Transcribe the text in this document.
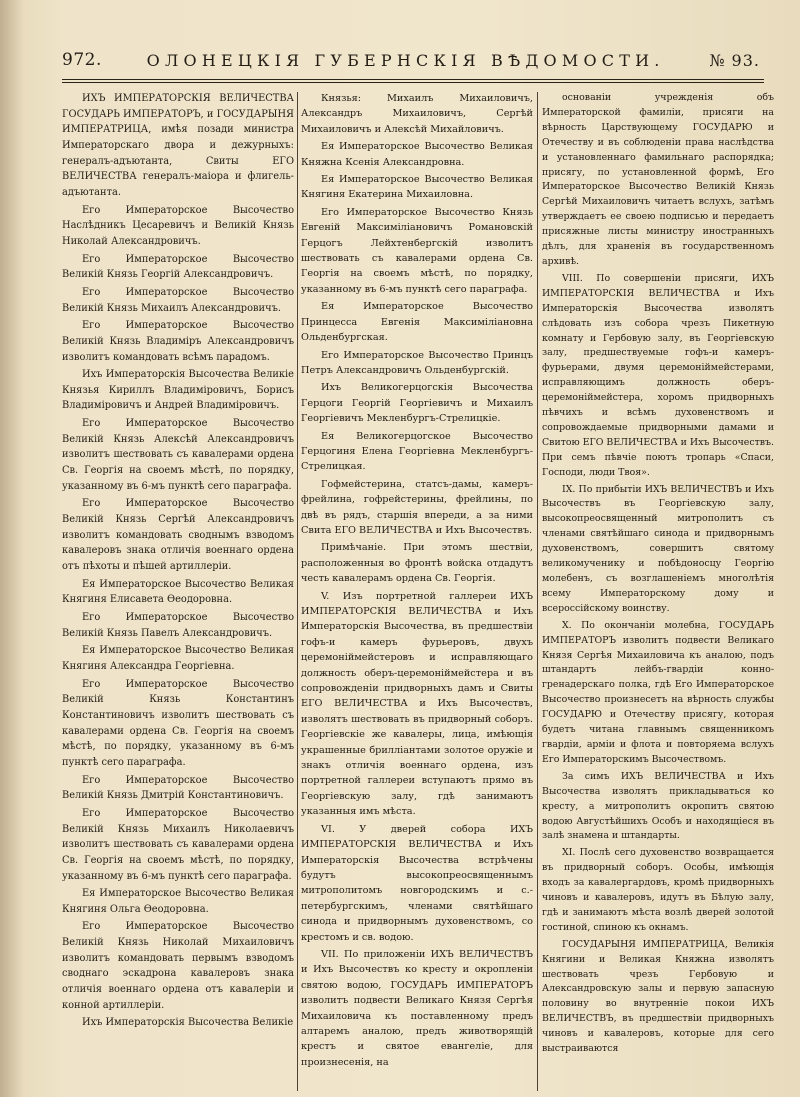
972.	ОЛОНЕЦКІЯ ГУБЕРНСКІЯ ВѢДОМОСТИ.	№ 93.

ИХЪ ИМПЕРАТОРСКІЯ ВЕЛИЧЕСТВА ГОСУДАРЬ ИМПЕРАТОРЪ, и ГОСУДАРЫНЯ ИМПЕРАТРИЦА, имѣя позади министра Императорскаго двора и дежурныхъ: генералъ-адъютанта, Свиты ЕГО ВЕЛИЧЕСТВА генералъ-маіора и флигель-адъютанта.

Его Императорское Высочество Наслѣдникъ Цесаревичъ и Великій Князь Николай Александровичъ.

Его Императорское Высочество Великій Князь Георгій Александровичъ.

Его Императорское Высочество Великій Князь Михаилъ Александровичъ.

Его Императорское Высочество Великій Князь Владиміръ Александровичъ изволитъ командовать всѣмъ парадомъ.

Ихъ Императорскія Высочества Великіе Князья Кириллъ Владиміровичъ, Борисъ Владиміровичъ и Андрей Владиміровичъ.

Его Императорское Высочество Великій Князь Алексѣй Александровичъ изволитъ шествовать съ кавалерами ордена Св. Георгія на своемъ мѣстѣ, по порядку, указанному въ 6-мъ пунктѣ сего параграфа.

Его Императорское Высочество Великій Князь Сергѣй Александровичъ изволитъ командовать своднымъ взводомъ кавалеровъ знака отличія военнаго ордена отъ пѣхоты и пѣшей артиллеріи.

Ея Императорское Высочество Великая Княгиня Елисавета Ѳеодоровна.

Его Императорское Высочество Великій Князь Павелъ Александровичъ.

Ея Императорское Высочество Великая Княгиня Александра Георгіевна.

Его Императорское Высочество Великій Князь Константинъ Константиновичъ изволитъ шествовать съ кавалерами ордена Св. Георгія на своемъ мѣстѣ, по порядку, указанному въ 6-мъ пунктѣ сего параграфа.

Его Императорское Высочество Великій Князь Дмитрій Константиновичъ.

Его Императорское Высочество Великій Князь Михаилъ Николаевичъ изволитъ шествовать съ кавалерами ордена Св. Георгія на своемъ мѣстѣ, по порядку, указанному въ 6-мъ пунктѣ сего параграфа.

Ея Императорское Высочество Великая Княгиня Ольга Ѳеодоровна.

Его Императорское Высочество Великій Князь Николай Михаиловичъ изволитъ командовать первымъ взводомъ своднаго эскадрона кавалеровъ знака отличія военнаго ордена отъ кавалеріи и конной артиллеріи.

Ихъ Императорскія Высочества Великіе

Князья: Михаилъ Михаиловичъ, Александръ Михаиловичъ, Сергѣй Михаиловичъ и Алексѣй Михайловичъ.

Ея Императорское Высочество Великая Княжна Ксенія Александровна.

Ея Императорское Высочество Великая Княгиня Екатерина Михаиловна.

Его Императорское Высочество Князь Евгеній Максиміліановичъ Романовскій Герцогъ Лейхтенбергскій изволитъ шествовать съ кавалерами ордена Св. Георгія на своемъ мѣстѣ, по порядку, указанному въ 6-мъ пунктѣ сего параграфа.

Ея Императорское Высочество Принцесса Евгенія Максиміліановна Ольденбургская.

Его Императорское Высочество Принцъ Петръ Александровичъ Ольденбургскій.

Ихъ Великогерцогскія Высочества Герцоги Георгій Георгіевичъ и Михаилъ Георгіевичъ Мекленбургъ-Стрелицкіе.

Ея Великогерцогское Высочество Герцогиня Елена Георгіевна Мекленбургъ-Стрелицкая.

Гофмейстерина, статсъ-дамы, камеръ-фрейлина, гофрейстерины, фрейлины, по двѣ въ рядъ, старшія впереди, а за ними Свита ЕГО ВЕЛИЧЕСТВА и Ихъ Высочествъ.

Примѣчаніе. При этомъ шествіи, расположенныя во фронтѣ войска отдадутъ честь кавалерамъ ордена Св. Георгія.

V. Изъ портретной галлереи ИХЪ ИМПЕРАТОРСКІЯ ВЕЛИЧЕСТВА и Ихъ Императорскія Высочества, въ предшествіи гофъ-и камеръ фурьеровъ, двухъ церемоніймейстеровъ и исправляющаго должность оберъ-церемоніймейстера и въ сопровожденіи придворныхъ дамъ и Свиты ЕГО ВЕЛИЧЕСТВА и Ихъ Высочествъ, изволятъ шествовать въ придворный соборъ. Георгіевскіе же кавалеры, лица, имѣющія украшенные бриллiантами золотое оружіе и знакъ отличія военнаго ордена, изъ портретной галлереи вступаютъ прямо въ Георгіевскую залу, гдѣ занимаютъ указанныя имъ мѣста.

VI. У дверей собора ИХЪ ИМПЕРАТОРСКІЯ ВЕЛИЧЕСТВА и Ихъ Императорскія Высочества встрѣчены будутъ высокопреосвященнымъ митрополитомъ новгородскимъ и с.-петербургскимъ, членами святѣйшаго синода и придворнымъ духовенствомъ, со крестомъ и св. водою.

VII. По приложеніи ИХЪ ВЕЛИЧЕСТВЪ и Ихъ Высочествъ ко кресту и окропленіи святою водою, ГОСУДАРЬ ИМПЕРАТОРЪ изволитъ подвести Великаго Князя Сергѣя Михаиловича къ поставленному предъ алтаремъ аналою, предъ животворящій крестъ и святое евангеліе, для произнесенія, на

основаніи учрежденія объ Императорской фамиліи, присяги на вѣрность Царствующему ГОСУДАРЮ и Отечеству и въ соблюденіи права наслѣдства и установленнаго фамильнаго распорядка; присягу, по установленной формѣ, Его Императорское Высочество Великій Князь Сергѣй Михаиловичъ читаетъ вслухъ, затѣмъ утверждаетъ ее своею подписью и передаетъ присяжные листы министру иностранныхъ дѣлъ, для храненія въ государственномъ архивѣ.

VIII. По совершеніи присяги, ИХЪ ИМПЕРАТОРСКІЯ ВЕЛИЧЕСТВА и Ихъ Императорскія Высочества изволятъ слѣдовать изъ собора чрезъ Пикетную комнату и Гербовую залу, въ Георгіевскую залу, предшествуемые гофъ-и камеръ-фурьерами, двумя церемоніймейстерами, исправляющимъ должность оберъ-церемоніймейстера, хоромъ придворныхъ пѣвчихъ и всѣмъ духовенствомъ и сопровождаемые придворными дамами и Свитою ЕГО ВЕЛИЧЕСТВА и Ихъ Высочествъ. При семъ пѣвчіе поютъ тропарь «Спаси, Господи, люди Твоя».

IX. По прибытіи ИХЪ ВЕЛИЧЕСТВЪ и Ихъ Высочествъ въ Георгіевскую залу, высокопреосвященный митрополитъ съ членами святѣйшаго синода и придворнымъ духовенствомъ, совершитъ святому великомученику и побѣдоносцу Георгію молебенъ, съ возглашеніемъ многолѣтія всему Императорскому дому и всероссійскому воинству.

X. По окончаніи молебна, ГОСУДАРЬ ИМПЕРАТОРЪ изволитъ подвести Великаго Князя Сергѣя Михаиловича къ аналою, подъ штандартъ лейбъ-гвардіи конно-гренадерскаго полка, гдѣ Его Императорское Высочество произнесетъ на вѣрность службы ГОСУДАРЮ и Отечеству присягу, которая будетъ читана главнымъ священникомъ гвардіи, арміи и флота и повторяема вслухъ Его Императорскимъ Высочествомъ.

За симъ ИХЪ ВЕЛИЧЕСТВА и Ихъ Высочества изволятъ прикладываться ко кресту, а митрополитъ окропитъ святою водою Августѣйшихъ Особъ и находящіеся въ залѣ знамена и штандарты.

XI. Послѣ сего духовенство возвращается въ придворный соборъ. Особы, имѣющія входъ за кавалергардовъ, кромѣ придворныхъ чиновъ и кавалеровъ, идутъ въ Бѣлую залу, гдѣ и занимаютъ мѣста возлѣ дверей золотой гостиной, спиною къ окнамъ.

ГОСУДАРЫНЯ ИМПЕРАТРИЦА, Великія Княгини и Великая Княжна изволятъ шествовать чрезъ Гербовую и Александровскую залы и первую запасную половину во внутренніе покои ИХЪ ВЕЛИЧЕСТВЪ, въ предшествіи придворныхъ чиновъ и кавалеровъ, которые для сего выстраиваются
